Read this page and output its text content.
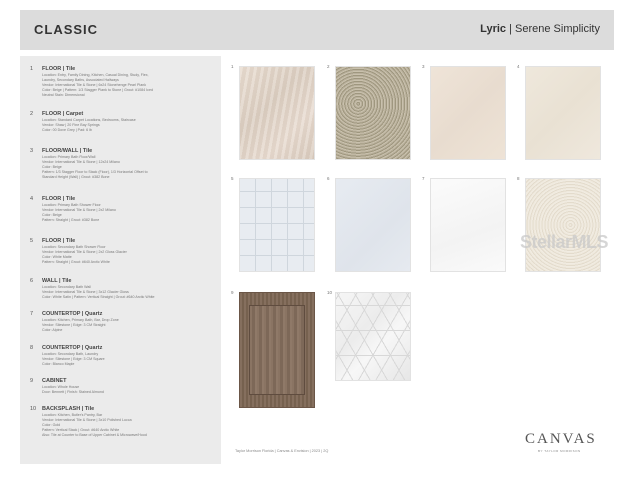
CLASSIC	Lyric | Serene Simplicity
1	FLOOR | Tile
Location: Entry, Family Dining, Kitchen, Casual Dining, Study, Flex,
Laundry, Secondary Baths, Associated Hallways
Vendor: International Tile & Stone | 6x24 Stonehenge Pearl Plank
Color: Beige | Pattern: 1/3 Stagger Plank to Stone | Grout: #1084 Iced
Neutral Stain: Dimensional
2	FLOOR | Carpet
Location: Standard Carpet Locations, Bedrooms, Staircase
Vendor: Shaw | 20 Fine Bay Springs
Color: 00 Dove Grey | Pad: 6 lb
3	FLOOR/WALL | Tile
Location: Primary Bath Floor/Wall
Vendor: International Tile & Stone | 12x24 Milano
Color: Beige
Pattern: 1/3 Stagger Floor to Stack (Floor), 1/3 Horizontal Offset to
Standard Height (Wall) | Grout: #382 Bone
4	FLOOR | Tile
Location: Primary Bath Shower Floor
Vendor: International Tile & Stone | 2x2 Milano
Color: Beige
Pattern: Straight | Grout: #382 Bone
5	FLOOR | Tile
Location: Secondary Bath Shower Floor
Vendor: International Tile & Stone | 2x2 Gloss Glacier
Color: White Matte
Pattern: Straight | Grout: #640 Arctic White
6	WALL | Tile
Location: Secondary Bath Wall
Vendor: International Tile & Stone | 3x12 Glacier Gloss
Color: White Satin | Pattern: Vertical Straight | Grout: #640 Arctic White
7	COUNTERTOP | Quartz
Location: Kitchen, Primary Bath, Bar, Drop Zone
Vendor: Silestone | Edge: 3 CM Straight
Color: Alpine
8	COUNTERTOP | Quartz
Location: Secondary Bath, Laundry
Vendor: Silestone | Edge: 3 CM Square
Color: Blanco Maple
9	CABINET
Location: Whole House
Door: Bennett | Finish: Stained Almond
10	BACKSPLASH | Tile
Location: Kitchen, Butler's Pantry, Bar
Vendor: International Tile & Stone | 3x10 Polished Lucca
Color: Gold
Pattern: Vertical Stack | Grout: #640 Arctic White
Also: Tile at Counter to Base of Upper Cabinet & Microwave/Hood
1	2	3	4
5	6	7	8
9	10
Taylor Morrison Florida | Canvas & Envision | 2023 | 2Q
CANVAS
BY TAYLOR MORRISON
StellarMLS
